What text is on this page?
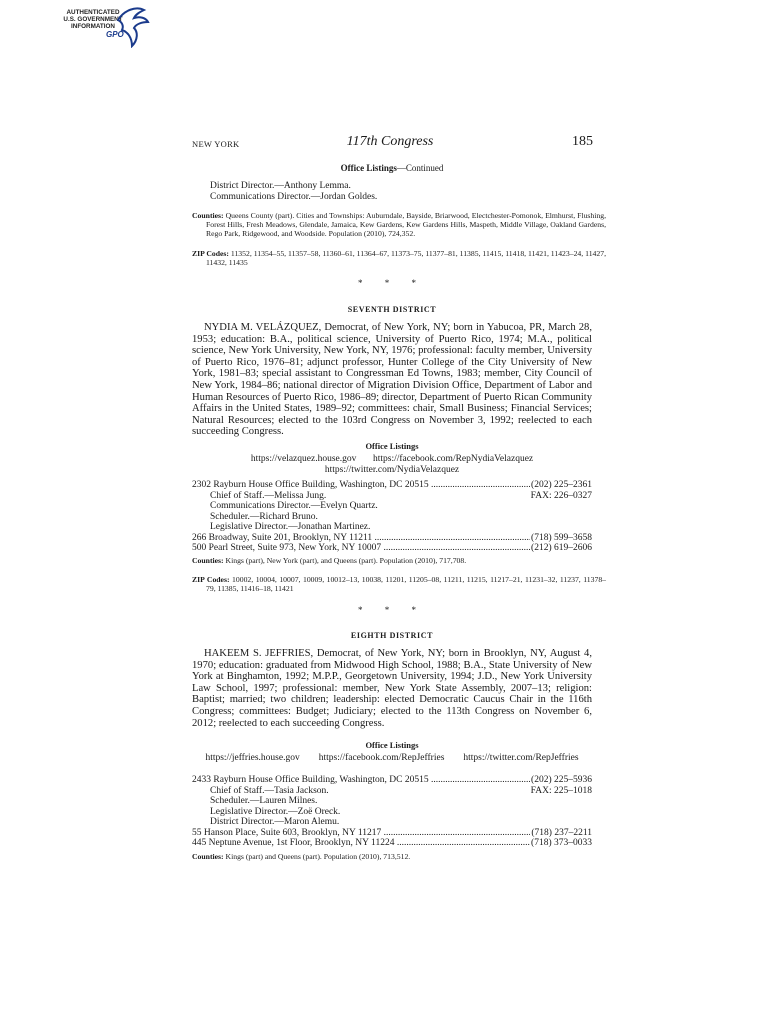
AUTHENTICATED
U.S. GOVERNMENT
INFORMATION
GPO
NEW YORK	117th Congress	185
Office Listings—Continued
District Director.—Anthony Lemma.
Communications Director.—Jordan Goldes.
Counties: Queens County (part). Cities and Townships: Auburndale, Bayside, Briarwood, Electchester-Pomonok, Elmhurst, Flushing, Forest Hills, Fresh Meadows, Glendale, Jamaica, Kew Gardens, Kew Gardens Hills, Maspeth, Middle Village, Oakland Gardens, Rego Park, Ridgewood, and Woodside. Population (2010), 724,352.
ZIP Codes: 11352, 11354–55, 11357–58, 11360–61, 11364–67, 11373–75, 11377–81, 11385, 11415, 11418, 11421, 11423–24, 11427, 11432, 11435
* * *
SEVENTH DISTRICT
NYDIA M. VELÁZQUEZ, Democrat, of New York, NY; born in Yabucoa, PR, March 28, 1953; education: B.A., political science, University of Puerto Rico, 1974; M.A., political science, New York University, New York, NY, 1976; professional: faculty member, University of Puerto Rico, 1976–81; adjunct professor, Hunter College of the City University of New York, 1981–83; special assistant to Congressman Ed Towns, 1983; member, City Council of New York, 1984–86; national director of Migration Division Office, Department of Labor and Human Resources of Puerto Rico, 1986–89; director, Department of Puerto Rican Community Affairs in the United States, 1989–92; committees: chair, Small Business; Financial Services; Natural Resources; elected to the 103rd Congress on November 3, 1992; reelected to each succeeding Congress.
Office Listings
https://velazquez.house.gov https://facebook.com/RepNydiaVelazquez
https://twitter.com/NydiaVelazquez
2302 Rayburn House Office Building, Washington, DC 20515 .....	(202) 225–2361
Chief of Staff.—Melissa Jung.	FAX: 226–0327
Communications Director.—Evelyn Quartz.
Scheduler.—Richard Bruno.
Legislative Director.—Jonathan Martinez.
266 Broadway, Suite 201, Brooklyn, NY 11211 .....	(718) 599–3658
500 Pearl Street, Suite 973, New York, NY 10007 .....	(212) 619–2606
Counties: Kings (part), New York (part), and Queens (part). Population (2010), 717,708.
ZIP Codes: 10002, 10004, 10007, 10009, 10012–13, 10038, 11201, 11205–08, 11211, 11215, 11217–21, 11231–32, 11237, 11378–79, 11385, 11416–18, 11421
* * *
EIGHTH DISTRICT
HAKEEM S. JEFFRIES, Democrat, of New York, NY; born in Brooklyn, NY, August 4, 1970; education: graduated from Midwood High School, 1988; B.A., State University of New York at Binghamton, 1992; M.P.P., Georgetown University, 1994; J.D., New York University Law School, 1997; professional: member, New York State Assembly, 2007–13; religion: Baptist; married; two children; leadership: elected Democratic Caucus Chair in the 116th Congress; committees: Budget; Judiciary; elected to the 113th Congress on November 6, 2012; reelected to each succeeding Congress.
Office Listings
https://jeffries.house.gov https://facebook.com/RepJeffries https://twitter.com/RepJeffries
2433 Rayburn House Office Building, Washington, DC 20515 .....	(202) 225–5936
Chief of Staff.—Tasia Jackson.	FAX: 225–1018
Scheduler.—Lauren Milnes.
Legislative Director.—Zoë Oreck.
District Director.—Maron Alemu.
55 Hanson Place, Suite 603, Brooklyn, NY 11217 .....	(718) 237–2211
445 Neptune Avenue, 1st Floor, Brooklyn, NY 11224 .....	(718) 373–0033
Counties: Kings (part) and Queens (part). Population (2010), 713,512.
